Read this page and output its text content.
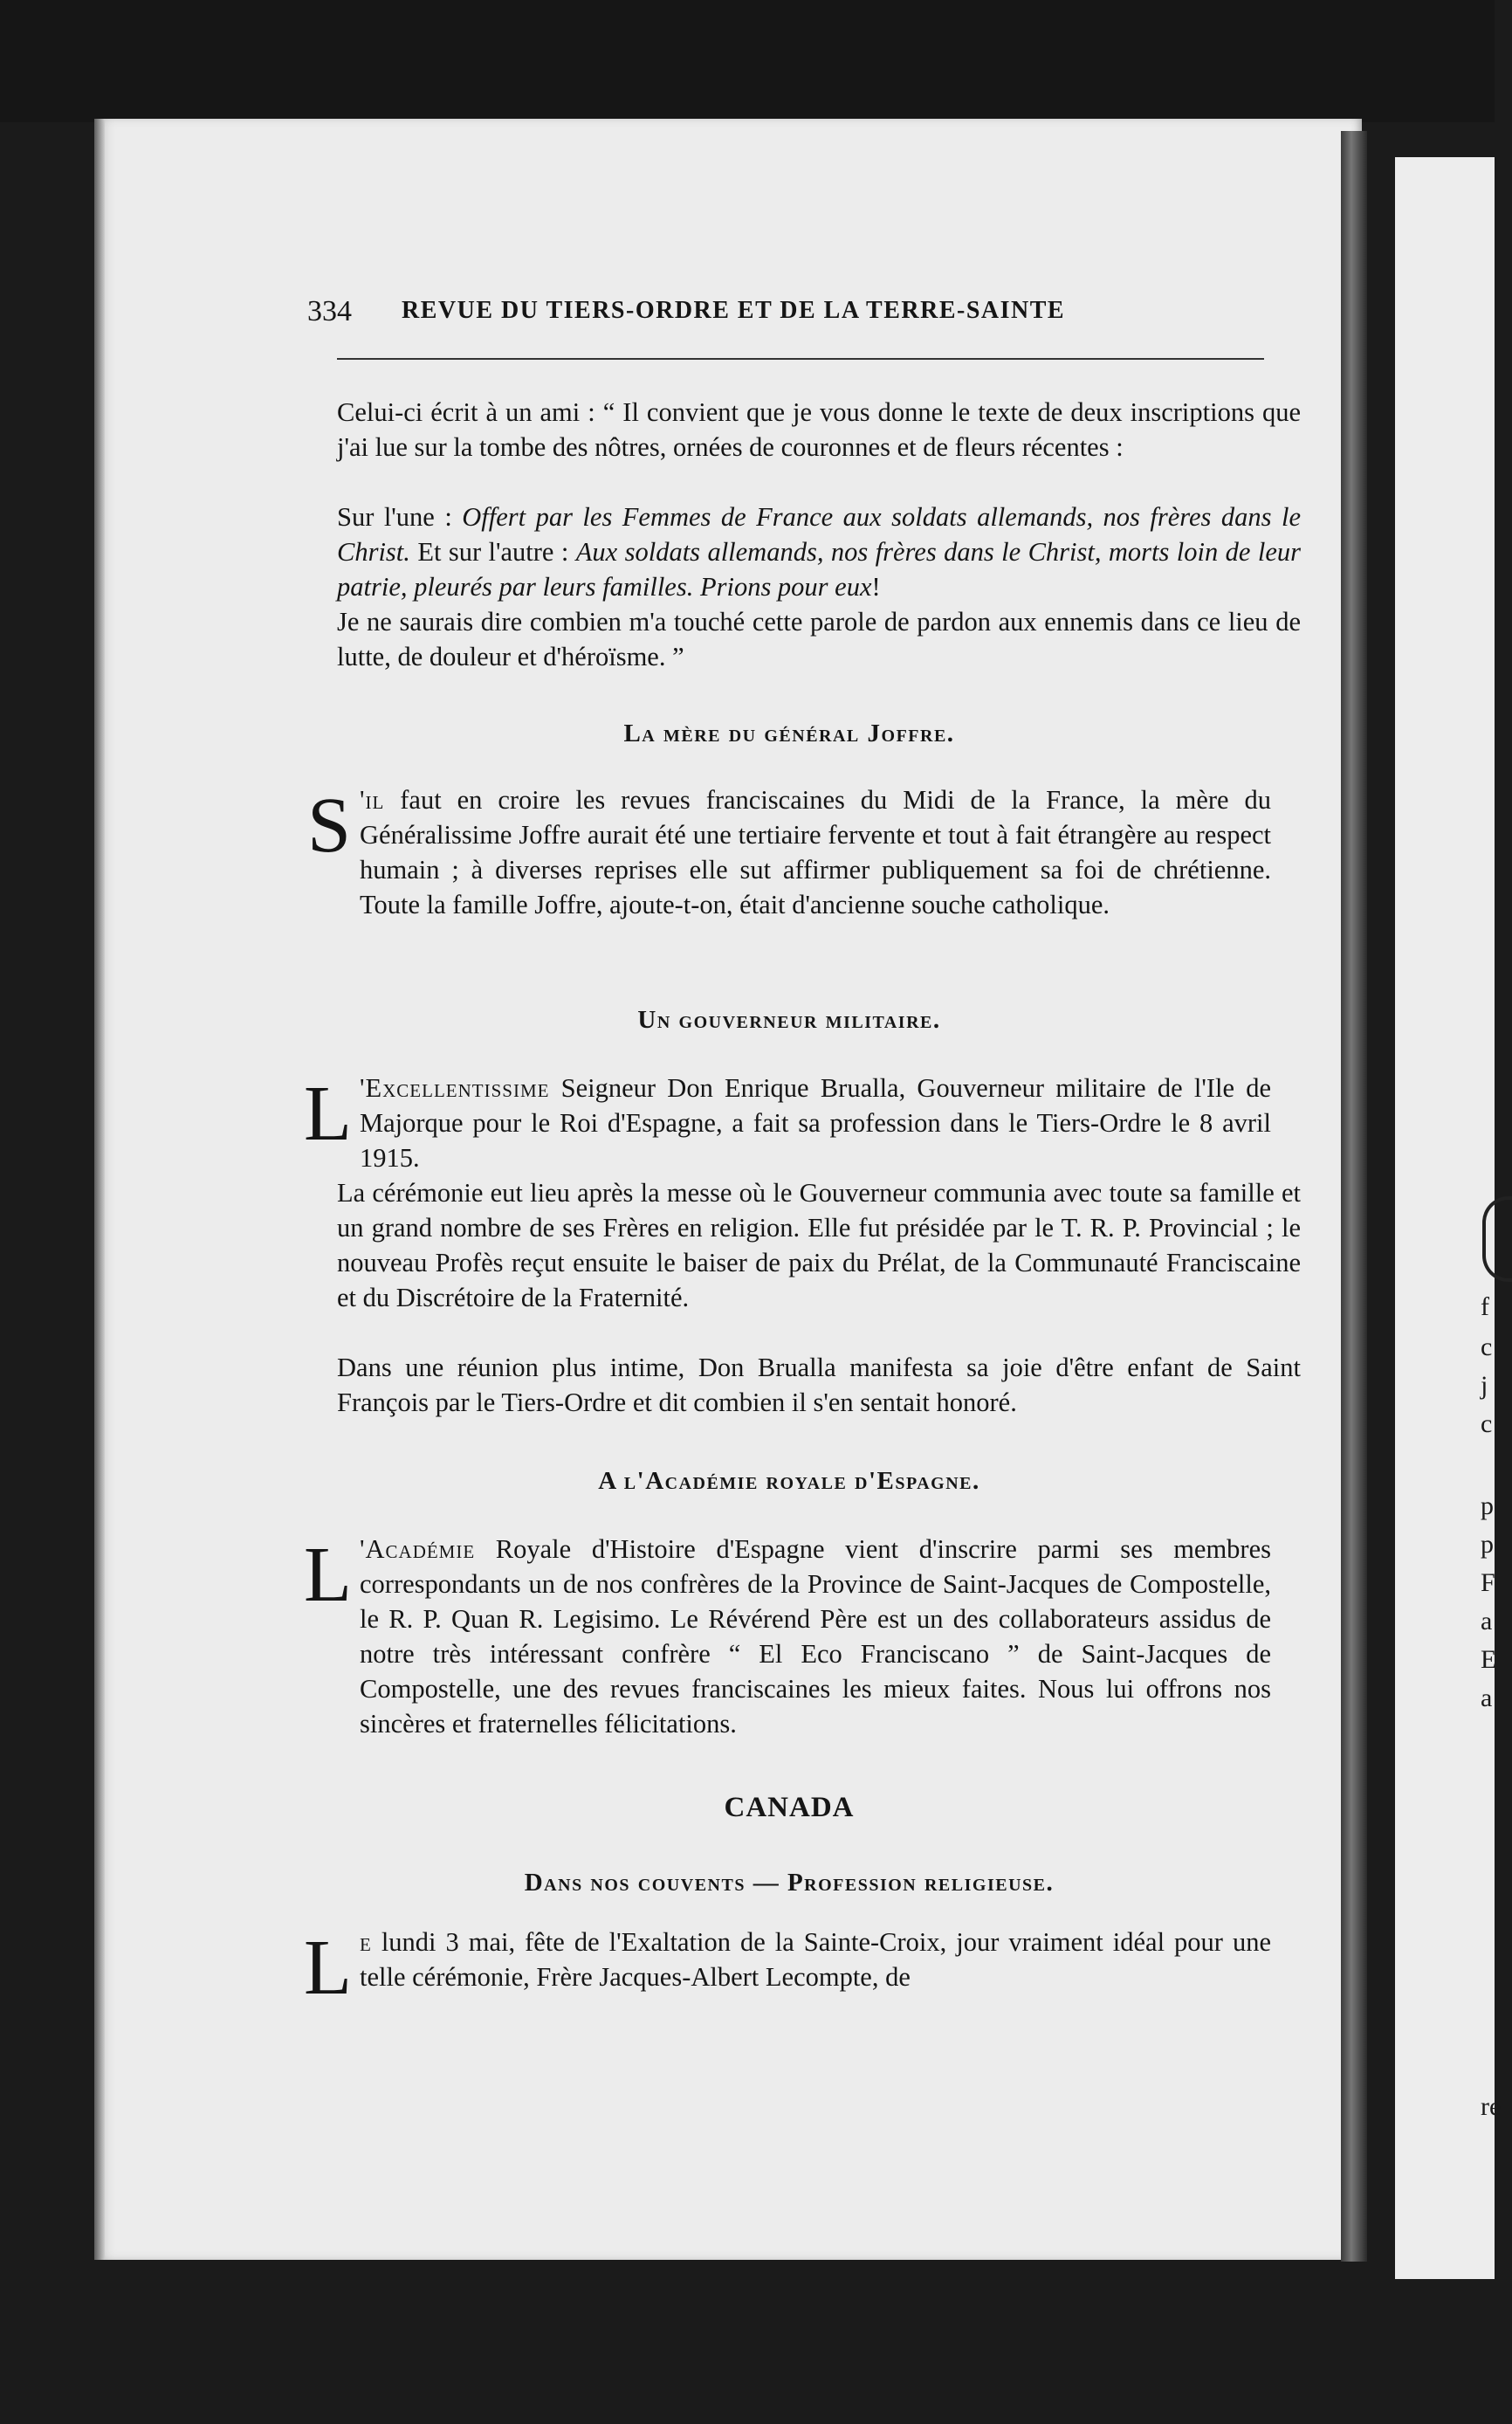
f
c
j
c
p
p
F
a
E
a
re
334 REVUE DU TIERS-ORDRE ET DE LA TERRE-SAINTE

Celui-ci écrit à un ami : “ Il convient que je vous donne le texte de deux inscriptions que j'ai lue sur la tombe des nôtres, ornées de couronnes et de fleurs récentes :

Sur l'une : Offert par les Femmes de France aux soldats allemands, nos frères dans le Christ. Et sur l'autre : Aux soldats allemands, nos frères dans le Christ, morts loin de leur patrie, pleurés par leurs familles. Prions pour eux!

Je ne saurais dire combien m'a touché cette parole de pardon aux ennemis dans ce lieu de lutte, de douleur et d'héroïsme. ”

La mère du général Joffre.
S 'il faut en croire les revues franciscaines du Midi de la France, la mère du Généralissime Joffre aurait été une tertiaire fervente et tout à fait étrangère au respect humain ; à diverses reprises elle sut affirmer publiquement sa foi de chrétienne. Toute la famille Joffre, ajoute-t-on, était d'ancienne souche catholique.

Un gouverneur militaire.
L 'Excellentissime Seigneur Don Enrique Brualla, Gouverneur militaire de l'Ile de Majorque pour le Roi d'Espagne, a fait sa profession dans le Tiers-Ordre le 8 avril 1915.

La cérémonie eut lieu après la messe où le Gouverneur communia avec toute sa famille et un grand nombre de ses Frères en religion. Elle fut présidée par le T. R. P. Provincial ; le nouveau Profès reçut ensuite le baiser de paix du Prélat, de la Communauté Franciscaine et du Discrétoire de la Fraternité.

Dans une réunion plus intime, Don Brualla manifesta sa joie d'être enfant de Saint François par le Tiers-Ordre et dit combien il s'en sentait honoré.

A l'Académie royale d'Espagne.
L 'Académie Royale d'Histoire d'Espagne vient d'inscrire parmi ses membres correspondants un de nos confrères de la Province de Saint-Jacques de Compostelle, le R. P. Quan R. Legisimo. Le Révérend Père est un des collaborateurs assidus de notre très intéressant confrère “ El Eco Franciscano ” de Saint-Jacques de Compostelle, une des revues franciscaines les mieux faites. Nous lui offrons nos sincères et fraternelles félicitations.

CANADA
Dans nos couvents — Profession religieuse.
L e lundi 3 mai, fête de l'Exaltation de la Sainte-Croix, jour vraiment idéal pour une telle cérémonie, Frère Jacques-Albert Lecompte, de
